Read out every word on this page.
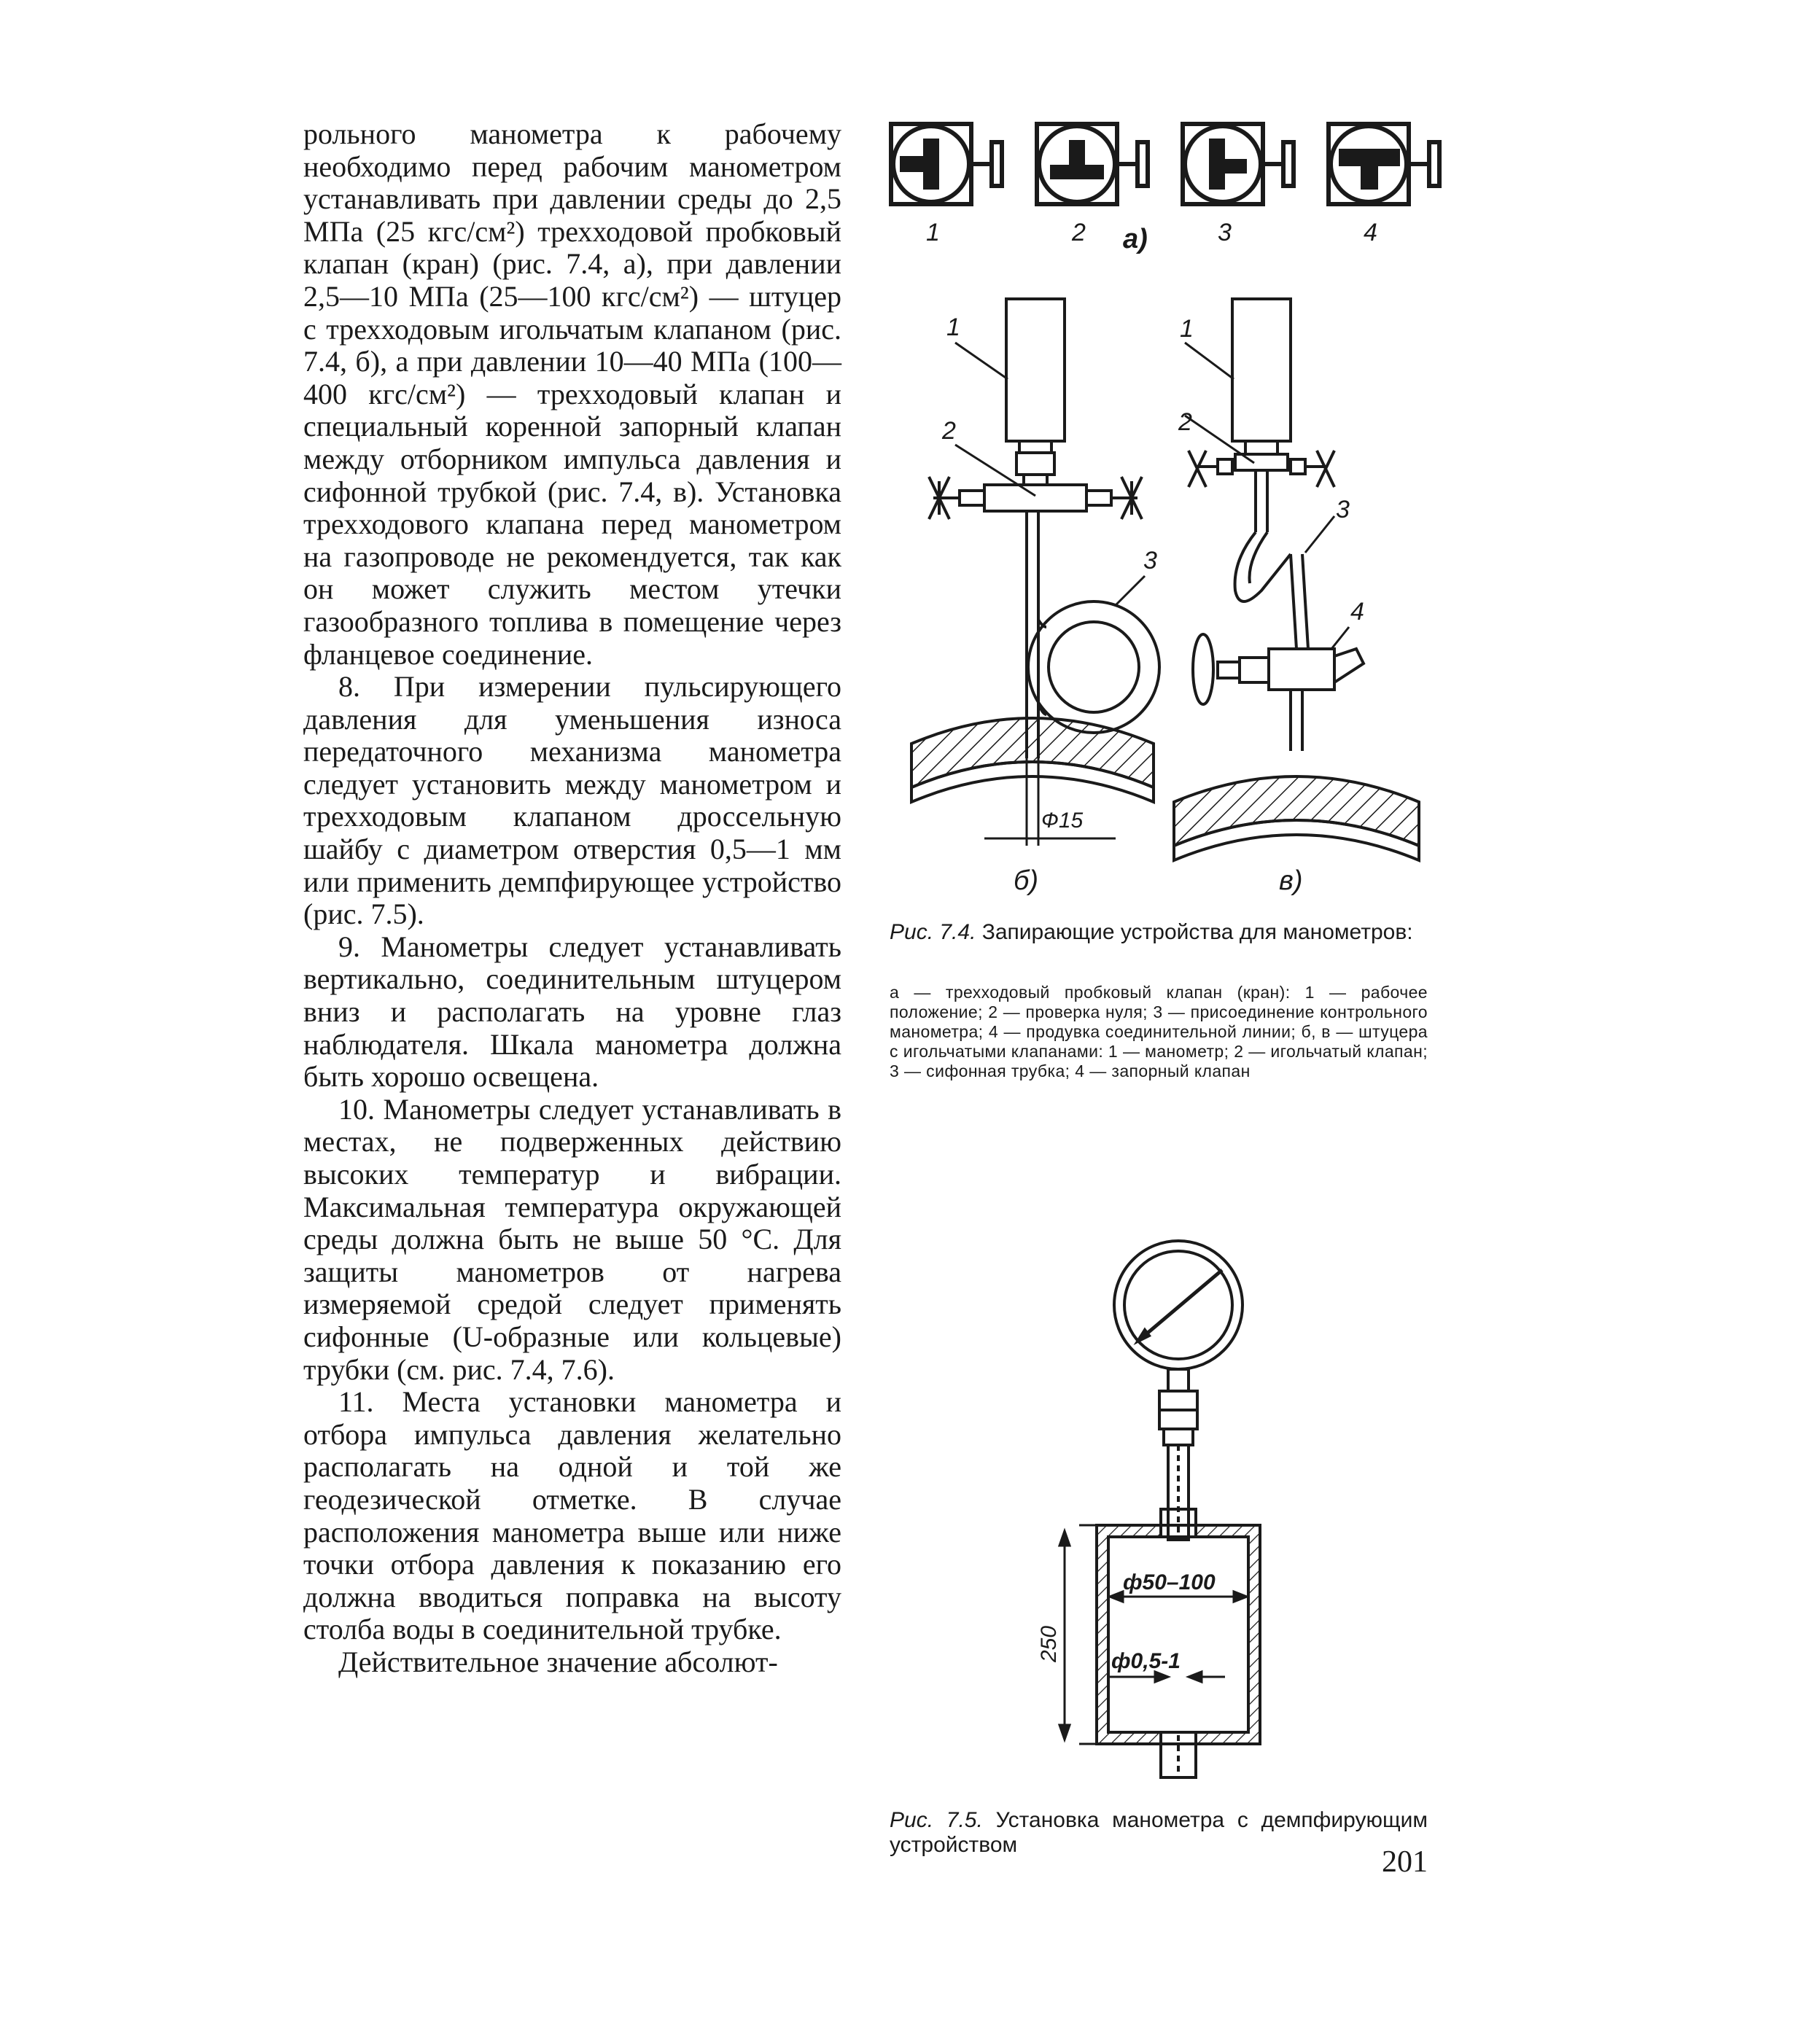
рольного манометра к рабочему необходимо перед рабочим манометром устанавливать при давлении среды до 2,5 МПа (25 кгс/см²) трехходовой пробковый клапан (кран) (рис. 7.4, а), при давлении 2,5—10 МПа (25—100 кгс/см²) — штуцер с трехходовым игольчатым клапаном (рис. 7.4, б), а при давлении 10—40 МПа (100—400 кгс/см²) — трехходовый клапан и специальный коренной запорный клапан между отборником импульса давления и сифонной трубкой (рис. 7.4, в). Установка трехходового клапана перед манометром на газопроводе не рекомендуется, так как он может служить местом утечки газообразного топлива в помещение через фланцевое соединение.

8. При измерении пульсирующего давления для уменьшения износа передаточного механизма манометра следует установить между манометром и трехходовым клапаном дроссельную шайбу с диаметром отверстия 0,5—1 мм или применить демпфирующее устройство (рис. 7.5).

9. Манометры следует устанавливать вертикально, соединительным штуцером вниз и располагать на уровне глаз наблюдателя. Шкала манометра должна быть хорошо освещена.

10. Манометры следует устанавливать в местах, не подверженных действию высоких температур и вибрации. Максимальная температура окружающей среды должна быть не выше 50 °С. Для защиты манометров от нагрева измеряемой средой следует применять сифонные (U-образные или кольцевые) трубки (см. рис. 7.4, 7.6).

11. Места установки манометра и отбора импульса давления желательно располагать на одной и той же геодезической отметке. В случае расположения манометра выше или ниже точки отбора давления к показанию его должна вводиться поправка на высоту столба воды в соединительной трубке.

Действительное значение абсолют-

1	2 а)	3	4
1
2
3
Ф15
б)
1
2
3
4
в)
Рис. 7.4. Запирающие устройства для манометров:
а — трехходовый пробковый клапан (кран): 1 — рабочее положение; 2 — проверка нуля; 3 — присоединение контрольного манометра; 4 — продувка соединительной линии; б, в — штуцера с игольчатыми клапанами: 1 — манометр; 2 — игольчатый клапан; 3 — сифонная трубка; 4 — запорный клапан
250
ф50–100
ф0,5-1
Рис. 7.5. Установка манометра с демпфирующим устройством
201
